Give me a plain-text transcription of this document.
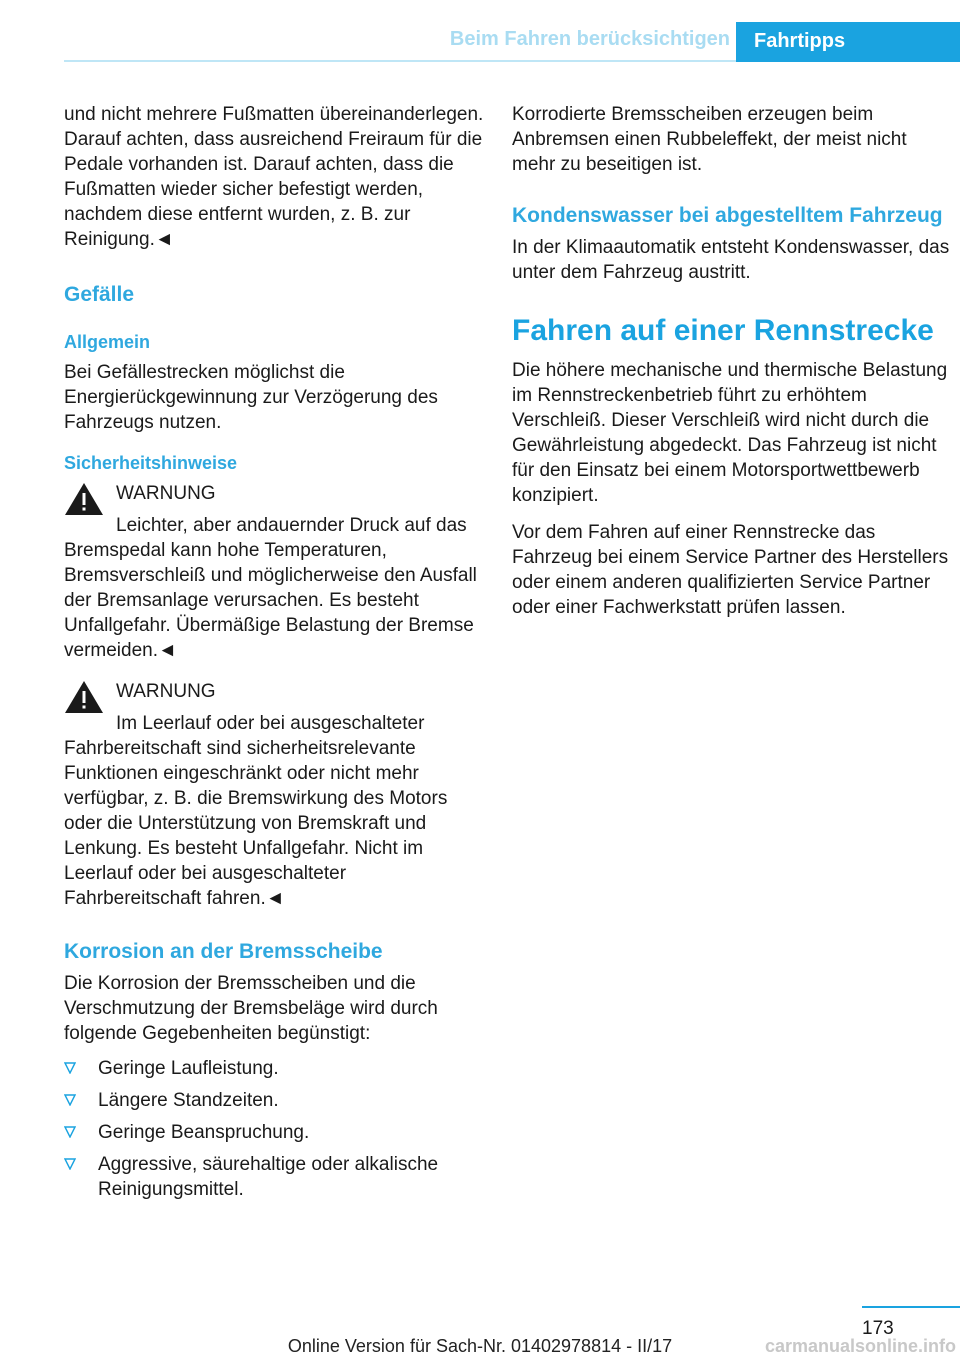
Beim Fahren berücksichtigen Fahrtipps

und nicht mehrere Fußmatten übereinanderlegen. Darauf achten, dass ausreichend Freiraum für die Pedale vorhanden ist. Darauf achten, dass die Fußmatten wieder sicher befestigt werden, nachdem diese entfernt wurden, z. B. zur Reinigung.◄

Gefälle
Allgemein

Bei Gefällestrecken möglichst die Energierückgewinnung zur Verzögerung des Fahrzeugs nutzen.

Sicherheitshinweise
WARNUNG

Leichter, aber andauernder Druck auf das Bremspedal kann hohe Temperaturen, Bremsverschleiß und möglicherweise den Ausfall der Bremsanlage verursachen. Es besteht Unfallgefahr. Übermäßige Belastung der Bremse vermeiden.◄

WARNUNG

Im Leerlauf oder bei ausgeschalteter Fahrbereitschaft sind sicherheitsrelevante Funktionen eingeschränkt oder nicht mehr verfügbar, z. B. die Bremswirkung des Motors oder die Unterstützung von Bremskraft und Lenkung. Es besteht Unfallgefahr. Nicht im Leerlauf oder bei ausgeschalteter Fahrbereitschaft fahren.◄

Korrosion an der Bremsscheibe

Die Korrosion der Bremsscheiben und die Verschmutzung der Bremsbeläge wird durch folgende Gegebenheiten begünstigt:

Geringe Laufleistung.
Längere Standzeiten.
Geringe Beanspruchung.
Aggressive, säurehaltige oder alkalische Reinigungsmittel.

Korrodierte Bremsscheiben erzeugen beim Anbremsen einen Rubbeleffekt, der meist nicht mehr zu beseitigen ist.

Kondenswasser bei abgestelltem Fahrzeug

In der Klimaautomatik entsteht Kondenswasser, das unter dem Fahrzeug austritt.

Fahren auf einer Rennstrecke

Die höhere mechanische und thermische Belastung im Rennstreckenbetrieb führt zu erhöhtem Verschleiß. Dieser Verschleiß wird nicht durch die Gewährleistung abgedeckt. Das Fahrzeug ist nicht für den Einsatz bei einem Motorsportwettbewerb konzipiert.

Vor dem Fahren auf einer Rennstrecke das Fahrzeug bei einem Service Partner des Herstellers oder einem anderen qualifizierten Service Partner oder einer Fachwerkstatt prüfen lassen.

173
Online Version für Sach-Nr. 01402978814 - II/17	carmanualsonline.info
